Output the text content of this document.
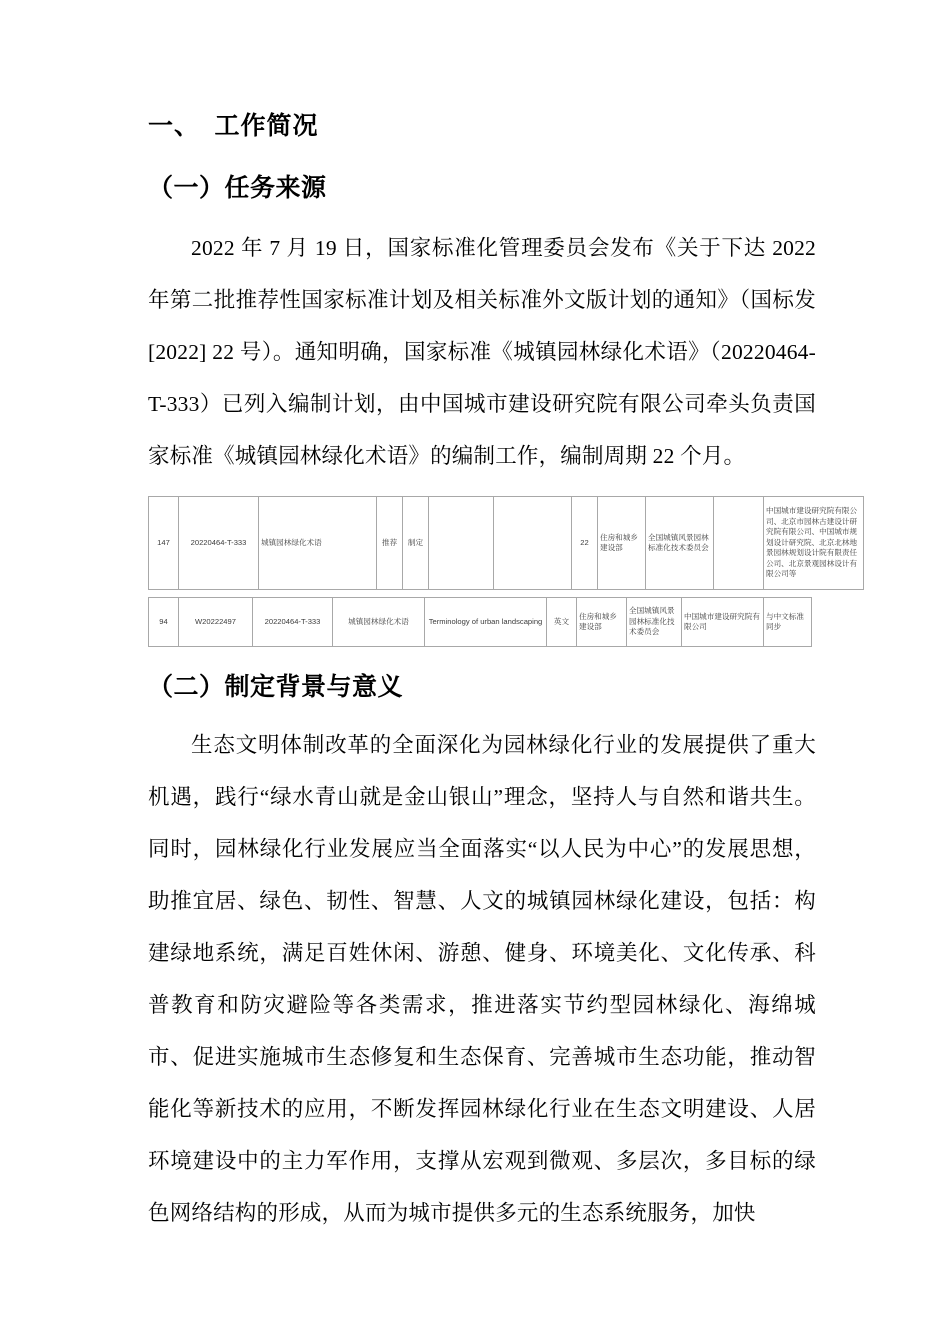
一、  工作简况
（一）任务来源

2022 年 7 月 19 日，国家标准化管理委员会发布《关于下达 2022 年第二批推荐性国家标准计划及相关标准外文版计划的通知》（国标发 [2022] 22 号）。通知明确，国家标准《城镇园林绿化术语》（20220464-T-333）已列入编制计划，由中国城市建设研究院有限公司牵头负责国家标准《城镇园林绿化术语》的编制工作，编制周期 22 个月。

147	20220464-T-333	城镇园林绿化术语	推荐	制定			22	住房和城乡建设部	全国城镇风景园林标准化技术委员会		中国城市建设研究院有限公司、北京市园林古建设计研究院有限公司、中国城市规划设计研究院、北京北林地景园林规划设计院有限责任公司、北京景观园林设计有限公司等
94	W20222497	20220464-T-333	城镇园林绿化术语	Terminology of urban landscaping	英文	住房和城乡建设部	全国城镇风景园林标准化技术委员会	中国城市建设研究院有限公司	与中文标准同步
（二）制定背景与意义

生态文明体制改革的全面深化为园林绿化行业的发展提供了重大机遇，践行“绿水青山就是金山银山”理念，坚持人与自然和谐共生。同时，园林绿化行业发展应当全面落实“以人民为中心”的发展思想，助推宜居、绿色、韧性、智慧、人文的城镇园林绿化建设，包括：构建绿地系统，满足百姓休闲、游憩、健身、环境美化、文化传承、科普教育和防灾避险等各类需求，推进落实节约型园林绿化、海绵城市、促进实施城市生态修复和生态保育、完善城市生态功能，推动智能化等新技术的应用，不断发挥园林绿化行业在生态文明建设、人居环境建设中的主力军作用，支撑从宏观到微观、多层次，多目标的绿色网络结构的形成，从而为城市提供多元的生态系统服务，加快
